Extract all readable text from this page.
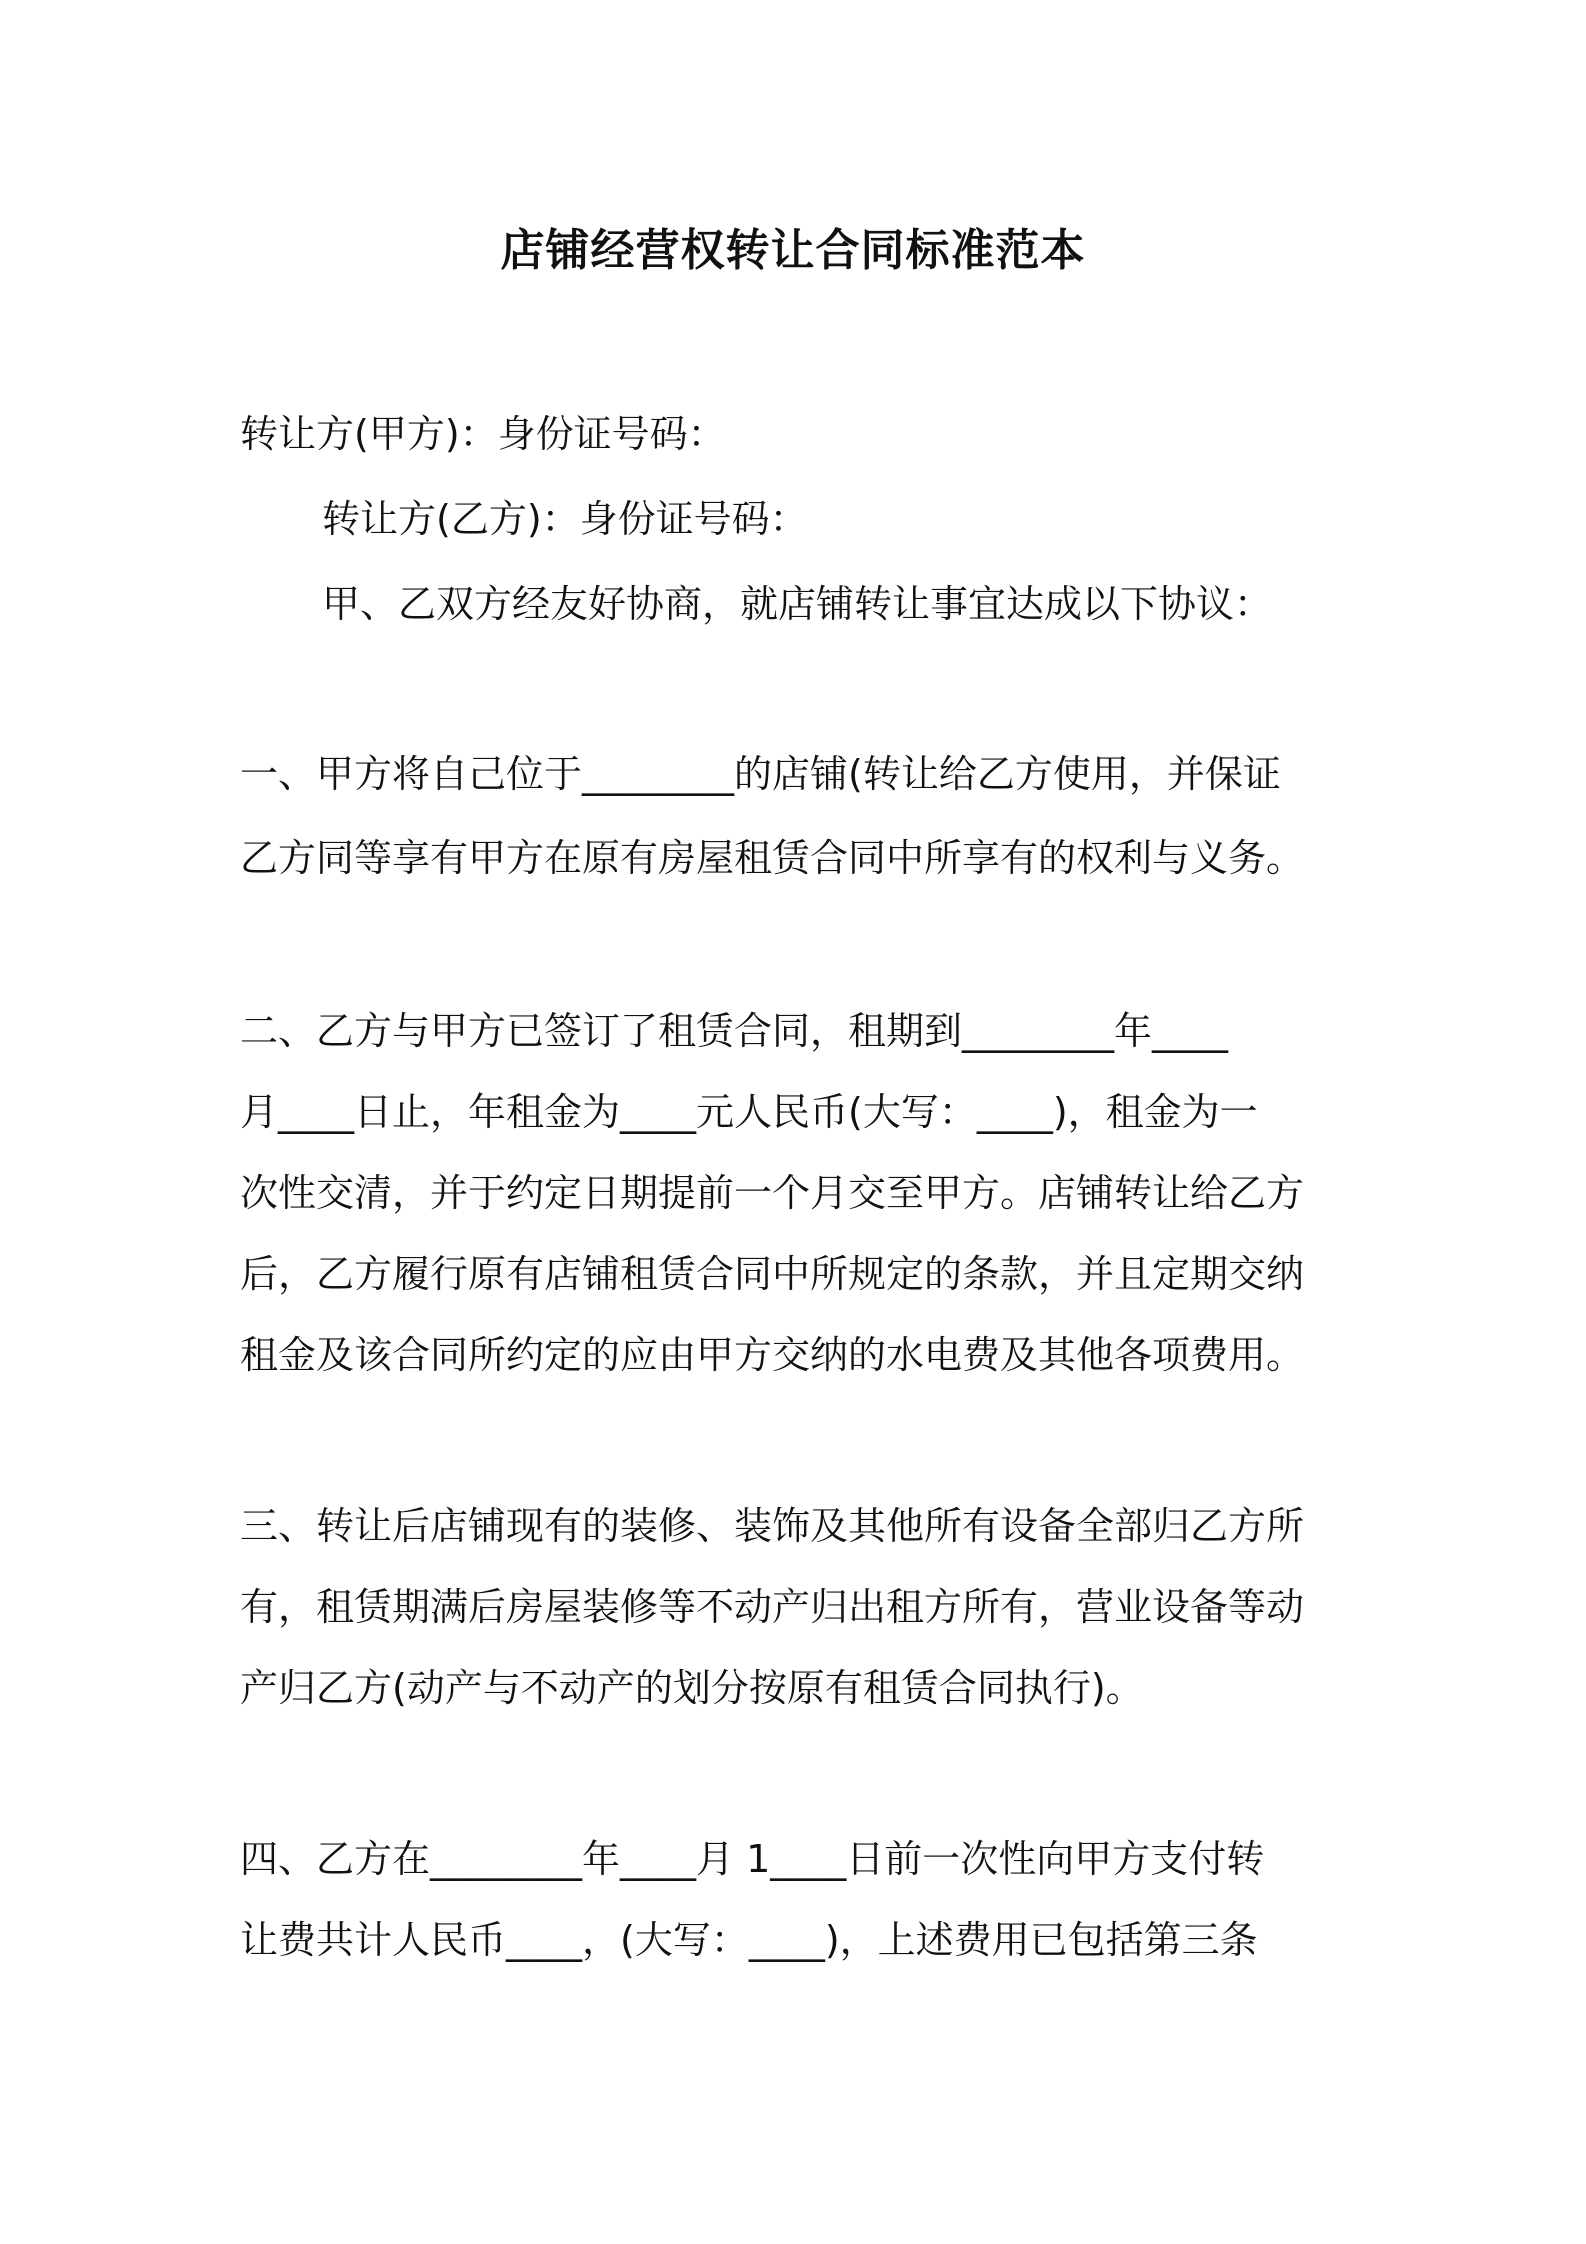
店铺经营权转让合同标准范本
转让方(甲方)：身份证号码：
转让方(乙方)：身份证号码：
甲、乙双方经友好协商，就店铺转让事宜达成以下协议：
一、甲方将自己位于________的店铺(转让给乙方使用，并保证
乙方同等享有甲方在原有房屋租赁合同中所享有的权利与义务。
二、乙方与甲方已签订了租赁合同，租期到________年____
月____日止，年租金为____元人民币(大写：____)，租金为一
次性交清，并于约定日期提前一个月交至甲方。店铺转让给乙方
后，乙方履行原有店铺租赁合同中所规定的条款，并且定期交纳
租金及该合同所约定的应由甲方交纳的水电费及其他各项费用。
三、转让后店铺现有的装修、装饰及其他所有设备全部归乙方所
有，租赁期满后房屋装修等不动产归出租方所有，营业设备等动
产归乙方(动产与不动产的划分按原有租赁合同执行)。
四、乙方在________年____月 1____日前一次性向甲方支付转
让费共计人民币____，(大写：____)，上述费用已包括第三条
